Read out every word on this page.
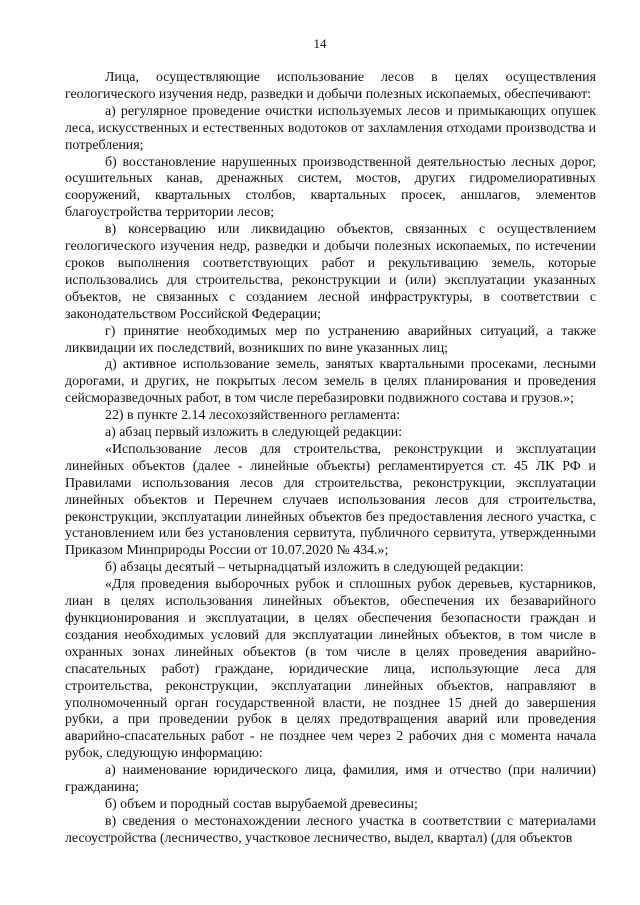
14

Лица, осуществляющие использование лесов в целях осуществления геологического изучения недр, разведки и добычи полезных ископаемых, обеспечивают:

а) регулярное проведение очистки используемых лесов и примыкающих опушек леса, искусственных и естественных водотоков от захламления отходами производства и потребления;

б) восстановление нарушенных производственной деятельностью лесных дорог, осушительных канав, дренажных систем, мостов, других гидромелиоративных сооружений, квартальных столбов, квартальных просек, аншлагов, элементов благоустройства территории лесов;

в) консервацию или ликвидацию объектов, связанных с осуществлением геологического изучения недр, разведки и добычи полезных ископаемых, по истечении сроков выполнения соответствующих работ и рекультивацию земель, которые использовались для строительства, реконструкции и (или) эксплуатации указанных объектов, не связанных с созданием лесной инфраструктуры, в соответствии с законодательством Российской Федерации;

г) принятие необходимых мер по устранению аварийных ситуаций, а также ликвидации их последствий, возникших по вине указанных лиц;

д) активное использование земель, занятых квартальными просеками, лесными дорогами, и других, не покрытых лесом земель в целях планирования и проведения сейсморазведочных работ, в том числе перебазировки подвижного состава и грузов.»;

22) в пункте 2.14 лесохозяйственного регламента:

а) абзац первый изложить в следующей редакции:

«Использование лесов для строительства, реконструкции и эксплуатации линейных объектов (далее - линейные объекты) регламентируется ст. 45 ЛК РФ и Правилами использования лесов для строительства, реконструкции, эксплуатации линейных объектов и Перечнем случаев использования лесов для строительства, реконструкции, эксплуатации линейных объектов без предоставления лесного участка, с установлением или без установления сервитута, публичного сервитута, утвержденными Приказом Минприроды России от 10.07.2020 № 434.»;

б) абзацы десятый – четырнадцатый изложить в следующей редакции:

«Для проведения выборочных рубок и сплошных рубок деревьев, кустарников, лиан в целях использования линейных объектов, обеспечения их безаварийного функционирования и эксплуатации, в целях обеспечения безопасности граждан и создания необходимых условий для эксплуатации линейных объектов, в том числе в охранных зонах линейных объектов (в том числе в целях проведения аварийно-спасательных работ) граждане, юридические лица, использующие леса для строительства, реконструкции, эксплуатации линейных объектов, направляют в уполномоченный орган государственной власти, не позднее 15 дней до завершения рубки, а при проведении рубок в целях предотвращения аварий или проведения аварийно-спасательных работ - не позднее чем через 2 рабочих дня с момента начала рубок, следующую информацию:

а) наименование юридического лица, фамилия, имя и отчество (при наличии) гражданина;

б) объем и породный состав вырубаемой древесины;

в) сведения о местонахождении лесного участка в соответствии с материалами лесоустройства (лесничество, участковое лесничество, выдел, квартал) (для объектов
